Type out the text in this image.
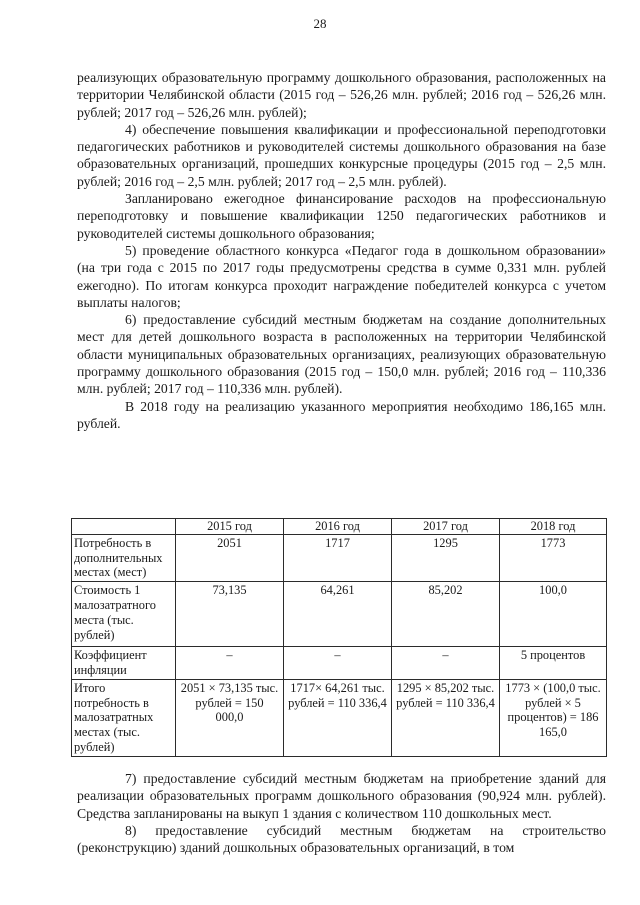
28

реализующих образовательную программу дошкольного образования, расположенных на территории Челябинской области (2015 год – 526,26 млн. рублей; 2016 год – 526,26 млн. рублей; 2017 год – 526,26 млн. рублей);

4) обеспечение повышения квалификации и профессиональной переподготовки педагогических работников и руководителей системы дошкольного образования на базе образовательных организаций, прошедших конкурсные процедуры (2015 год – 2,5 млн. рублей; 2016 год – 2,5 млн. рублей; 2017 год – 2,5 млн. рублей).

Запланировано ежегодное финансирование расходов на профессиональную переподготовку и повышение квалификации 1250 педагогических работников и руководителей системы дошкольного образования;

5) проведение областного конкурса «Педагог года в дошкольном образовании» (на три года с 2015 по 2017 годы предусмотрены средства в сумме 0,331 млн. рублей ежегодно). По итогам конкурса проходит награждение победителей конкурса с учетом выплаты налогов;

6) предоставление субсидий местным бюджетам на создание дополнительных мест для детей дошкольного возраста в расположенных на территории Челябинской области муниципальных образовательных организациях, реализующих образовательную программу дошкольного образования (2015 год – 150,0 млн. рублей; 2016 год – 110,336 млн. рублей; 2017 год – 110,336 млн. рублей).

В 2018 году на реализацию указанного мероприятия необходимо 186,165 млн. рублей.

	2015 год	2016 год	2017 год	2018 год
Потребность в дополнительных местах (мест)	2051	1717	1295	1773
Стоимость 1 малозатратного места (тыс. рублей)	73,135	64,261	85,202	100,0
Коэффициент инфляции	–	–	–	5 процентов
Итого потребность в малозатратных местах (тыс. рублей)	2051 × 73,135 тыс. рублей = 150 000,0	1717× 64,261 тыс. рублей = 110 336,4	1295 × 85,202 тыс. рублей = 110 336,4	1773 × (100,0 тыс. рублей × 5 процентов) = 186 165,0

7) предоставление субсидий местным бюджетам на приобретение зданий для реализации образовательных программ дошкольного образования (90,924 млн. рублей). Средства запланированы на выкуп 1 здания с количеством 110 дошкольных мест.

8) предоставление субсидий местным бюджетам на строительство (реконструкцию) зданий дошкольных образовательных организаций, в том
